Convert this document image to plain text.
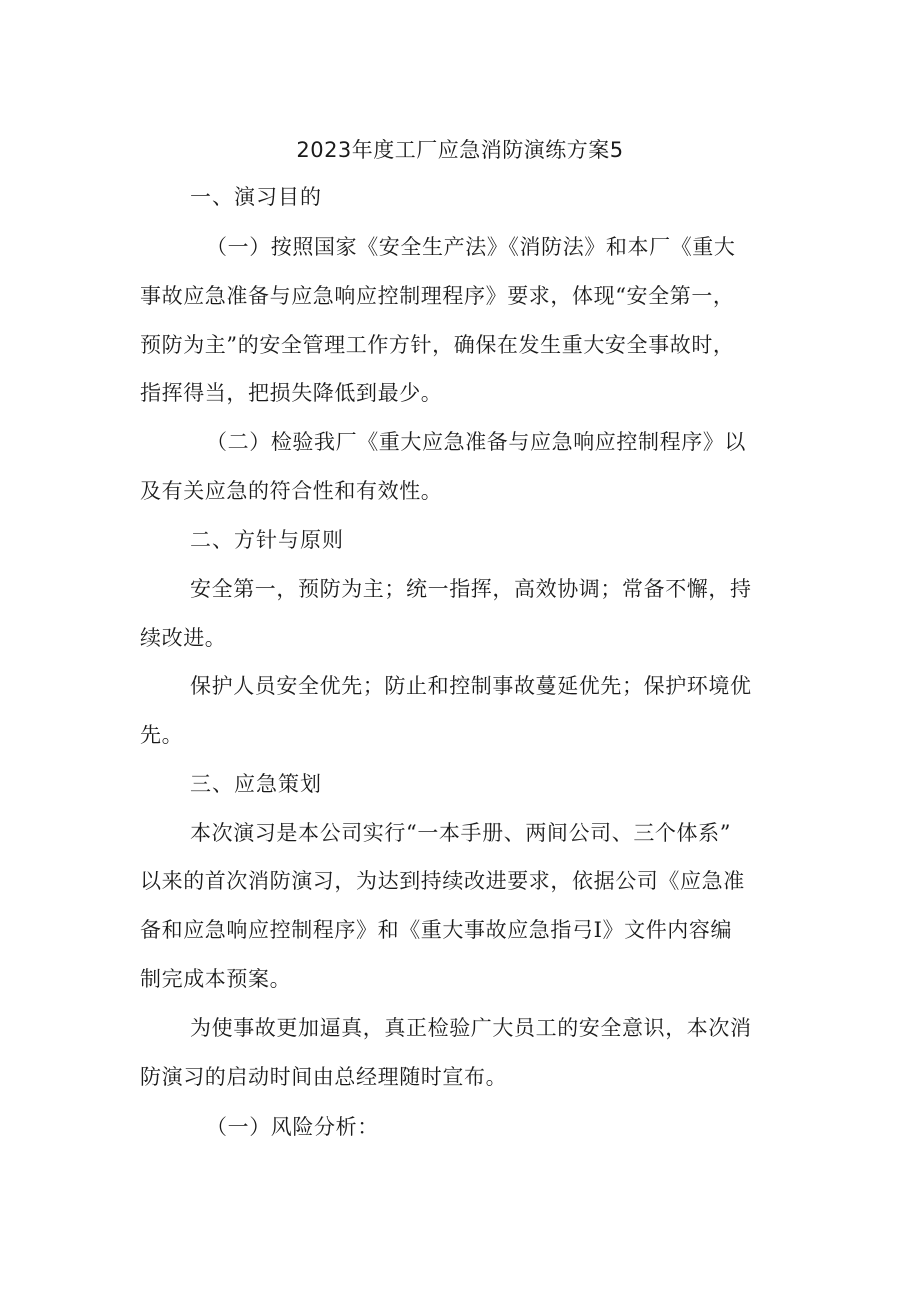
2023年度工厂应急消防演练方案5
一、演习目的
（一）按照国家《安全生产法》《消防法》和本厂《重大
事故应急准备与应急响应控制理程序》要求，体现“安全第一，
预防为主”的安全管理工作方针，确保在发生重大安全事故时，
指挥得当，把损失降低到最少。
（二）检验我厂《重大应急准备与应急响应控制程序》以
及有关应急的符合性和有效性。
二、方针与原则
安全第一，预防为主；统一指挥，高效协调；常备不懈，持
续改进。
保护人员安全优先；防止和控制事故蔓延优先；保护环境优
先。
三、应急策划
本次演习是本公司实行“一本手册、两间公司、三个体系”
以来的首次消防演习，为达到持续改进要求，依据公司《应急准
备和应急响应控制程序》和《重大事故应急指弓I》文件内容编
制完成本预案。
为使事故更加逼真，真正检验广大员工的安全意识，本次消
防演习的启动时间由总经理随时宣布。
（一）风险分析：
